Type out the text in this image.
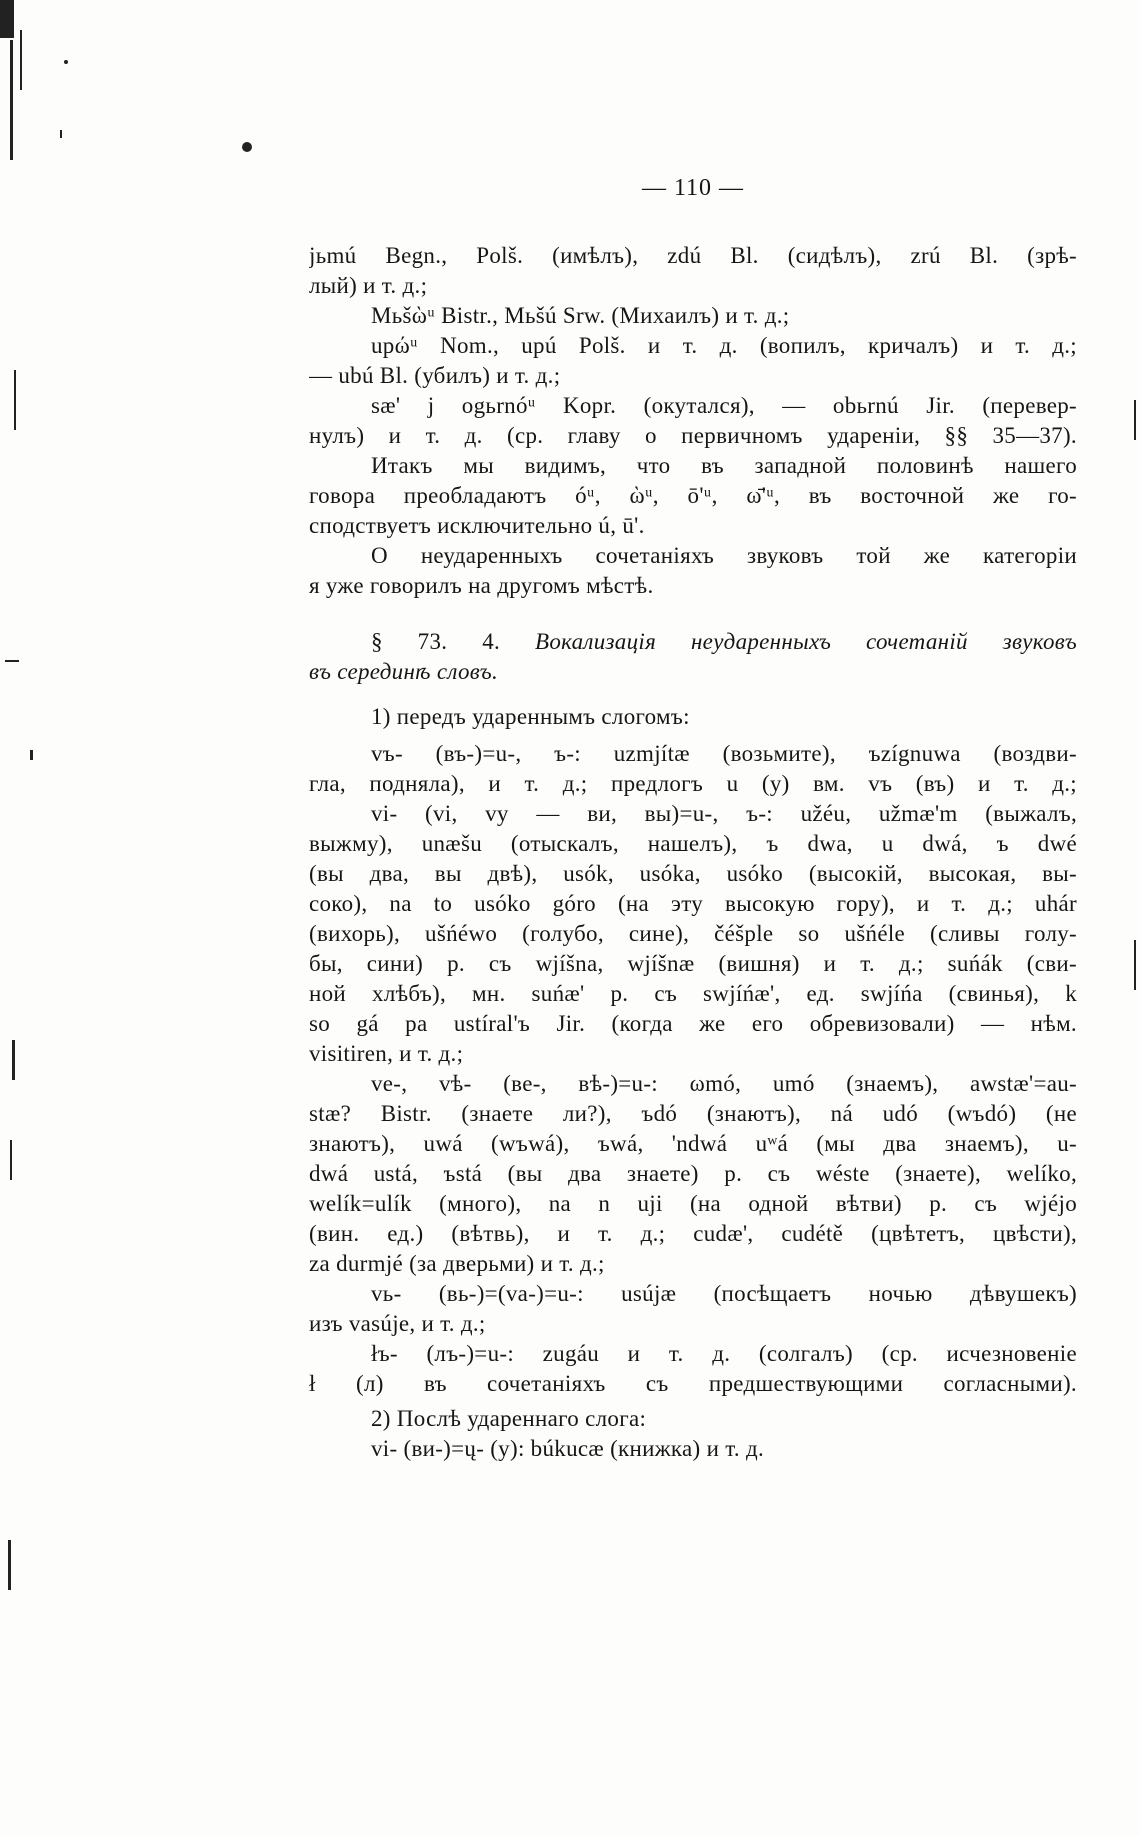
— 110 —
jьmú Begn., Polš. (имѣлъ), zdú Bl. (сидѣлъ), zrú Bl. (зрѣ-
лый) и т. д.;
Mьšὼᵘ Bistr., Mьšú Srw. (Михаилъ) и т. д.;
upώᵘ Nom., upú Polš. и т. д. (вопилъ, кричалъ) и т. д.;
— ubú Bl. (убилъ) и т. д.;
sæ' j ogьrnóᵘ Kopr. (окутался), — obьrnú Jir. (перевер-
нулъ) и т. д. (ср. главу о первичномъ удареніи, §§ 35—37).
Итакъ мы видимъ, что въ западной половинѣ нашего
говора преобладаютъ óᵘ, ὼᵘ, ō'ᵘ, ω̄'ᵘ, въ восточной же го-
сподствуетъ исключительно ú, ū'.
О неударенныхъ сочетаніяхъ звуковъ той же категоріи
я уже говорилъ на другомъ мѣстѣ.
§ 73. 4. Вокализація неударенныхъ сочетаній звуковъ
въ серединѣ словъ.
1) передъ удареннымъ слогомъ:
vъ- (въ-)=u-, ъ-: uzmjítæ (возьмите), ъzígnuwa (воздви-
гла, подняла), и т. д.; предлогъ u (у) вм. vъ (въ) и т. д.;
vi- (vi, vy — ви, вы)=u-, ъ-: užéu, užmæ'm (выжалъ,
выжму), unæšu (отыскалъ, нашелъ), ъ dwa, u dwá, ъ dwé
(вы два, вы двѣ), usók, usóka, usóko (высокій, высокая, вы-
соко), na to usóko góro (на эту высокую гору), и т. д.; uhár
(вихорь), ušńéwo (голубо, сине), čéšple so ušńéle (сливы голу-
бы, сини) р. съ wjíšna, wjíšnæ (вишня) и т. д.; suńák (сви-
ной хлѣбъ), мн. suńæ' р. съ swjíńæ', ед. swjíńa (свинья), k
so gá pa ustíral'ъ Jir. (когда же его обревизовали) — нѣм.
visitiren, и т. д.;
ve-, vѣ- (ве-, вѣ-)=u-: ωmó, umó (знаемъ), awstæ'=au-
stæ? Bistr. (знаете ли?), ъdó (знаютъ), ná udó (wъdó) (не
знаютъ), uwá (wъwá), ъwá, 'ndwá uʷá (мы два знаемъ), u-
dwá ustá, ъstá (вы два знаете) р. съ wéste (знаете), welíko,
welík=ulík (много), na n uji (на одной вѣтви) р. съ wjéjo
(вин. ед.) (вѣтвь), и т. д.; cudæ', cudétě (цвѣтетъ, цвѣсти),
za durmjé (за дверьми) и т. д.;
vь- (вь-)=(va-)=u-: usújæ (посѣщаетъ ночью дѣвушекъ)
изъ vasúje, и т. д.;
łъ- (лъ-)=u-: zugáu и т. д. (солгалъ) (ср. исчезновеніе
ł (л) въ сочетаніяхъ съ предшествующими согласными).
2) Послѣ удареннаго слога:
vi- (ви-)=ų- (y): búkucæ (книжка) и т. д.
